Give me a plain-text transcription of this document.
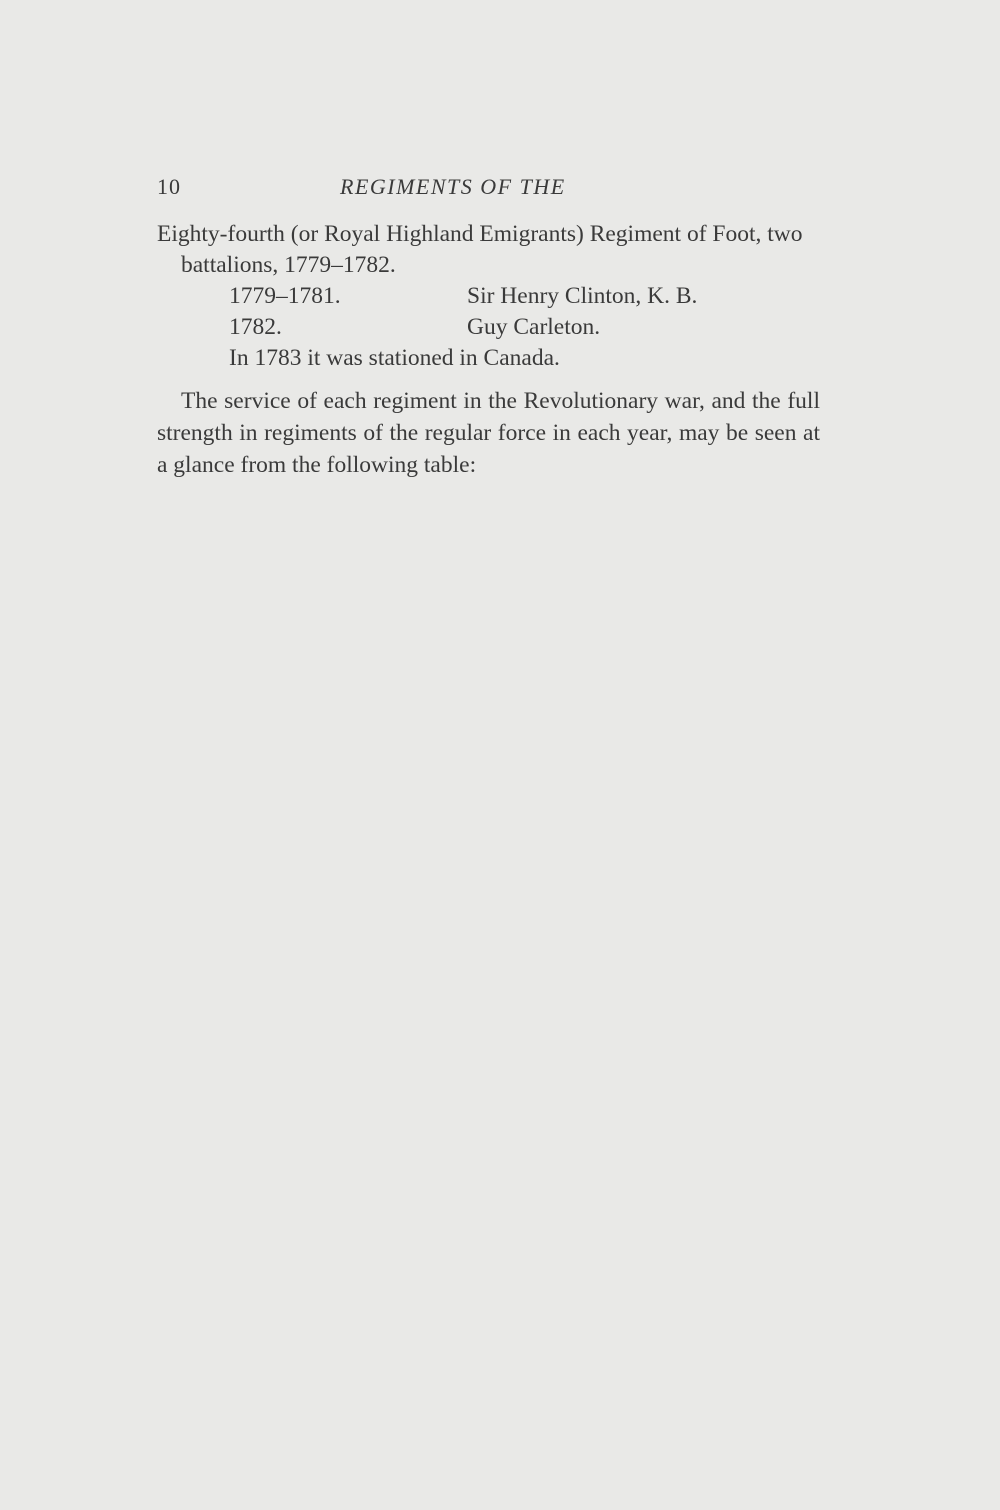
10	REGIMENTS OF THE

Eighty-fourth (or Royal Highland Emigrants) Regiment of Foot, two battalions, 1779–1782.

1779–1781.	Sir Henry Clinton, K. B.
1782.	Guy Carleton.

In 1783 it was stationed in Canada.

The service of each regiment in the Revolutionary war, and the full strength in regiments of the regular force in each year, may be seen at a glance from the following table:
